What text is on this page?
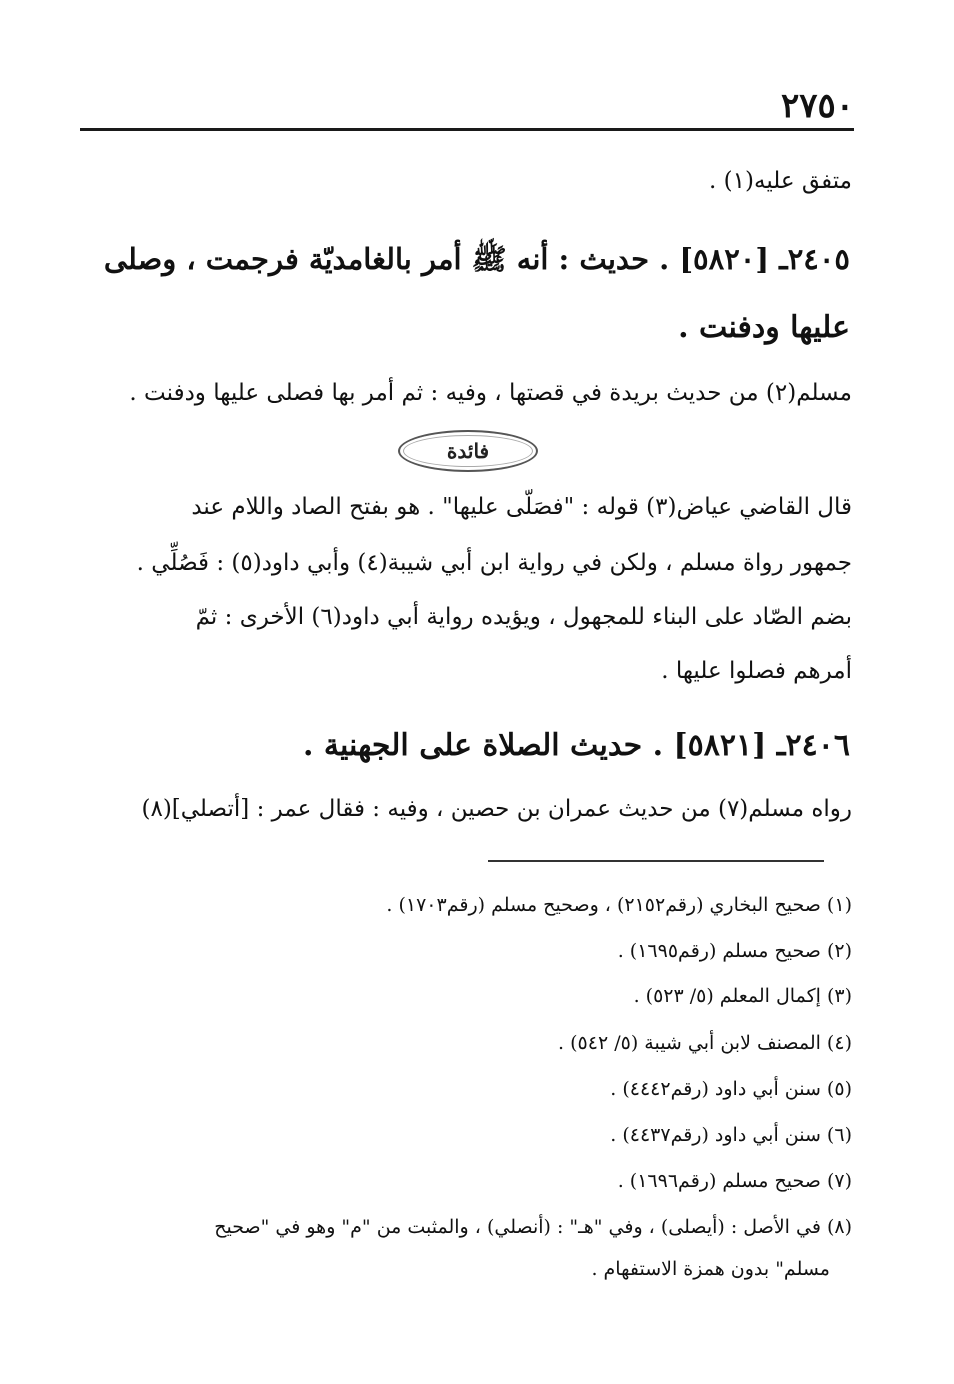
٢٧٥٠
متفق عليه(١) .
٢٤٠٥ـ [٥٨٢٠] . حديث : أنه ﷺ أمر بالغامديّة فرجمت ، وصلى
عليها ودفنت .
مسلم(٢) من حديث بريدة في قصتها ، وفيه : ثم أمر بها فصلى عليها ودفنت .
فائدة
قال القاضي عياض(٣) قوله : "فصَلّى عليها" . هو بفتح الصاد واللام عند
جمهور رواة مسلم ، ولكن في رواية ابن أبي شيبة(٤) وأبي داود(٥) : فَصُلِّي .
بضم الصّاد على البناء للمجهول ، ويؤيده رواية أبي داود(٦) الأخرى : ثمّ
أمرهم فصلوا عليها .
٢٤٠٦ـ [٥٨٢١] . حديث الصلاة على الجهنية .
رواه مسلم(٧) من حديث عمران بن حصين ، وفيه : فقال عمر : [أتصلي](٨)
(١) صحيح البخاري (رقم٢١٥٢) ، وصحيح مسلم (رقم١٧٠٣) .
(٢) صحيح مسلم (رقم١٦٩٥) .
(٣) إكمال المعلم (٥/ ٥٢٣) .
(٤) المصنف لابن أبي شيبة (٥/ ٥٤٢) .
(٥) سنن أبي داود (رقم٤٤٤٢) .
(٦) سنن أبي داود (رقم٤٤٣٧) .
(٧) صحيح مسلم (رقم١٦٩٦) .
(٨) في الأصل : (أيصلى) ، وفي "هـ" : (أنصلي) ، والمثبت من "م" وهو في "صحيح
مسلم" بدون همزة الاستفهام .
